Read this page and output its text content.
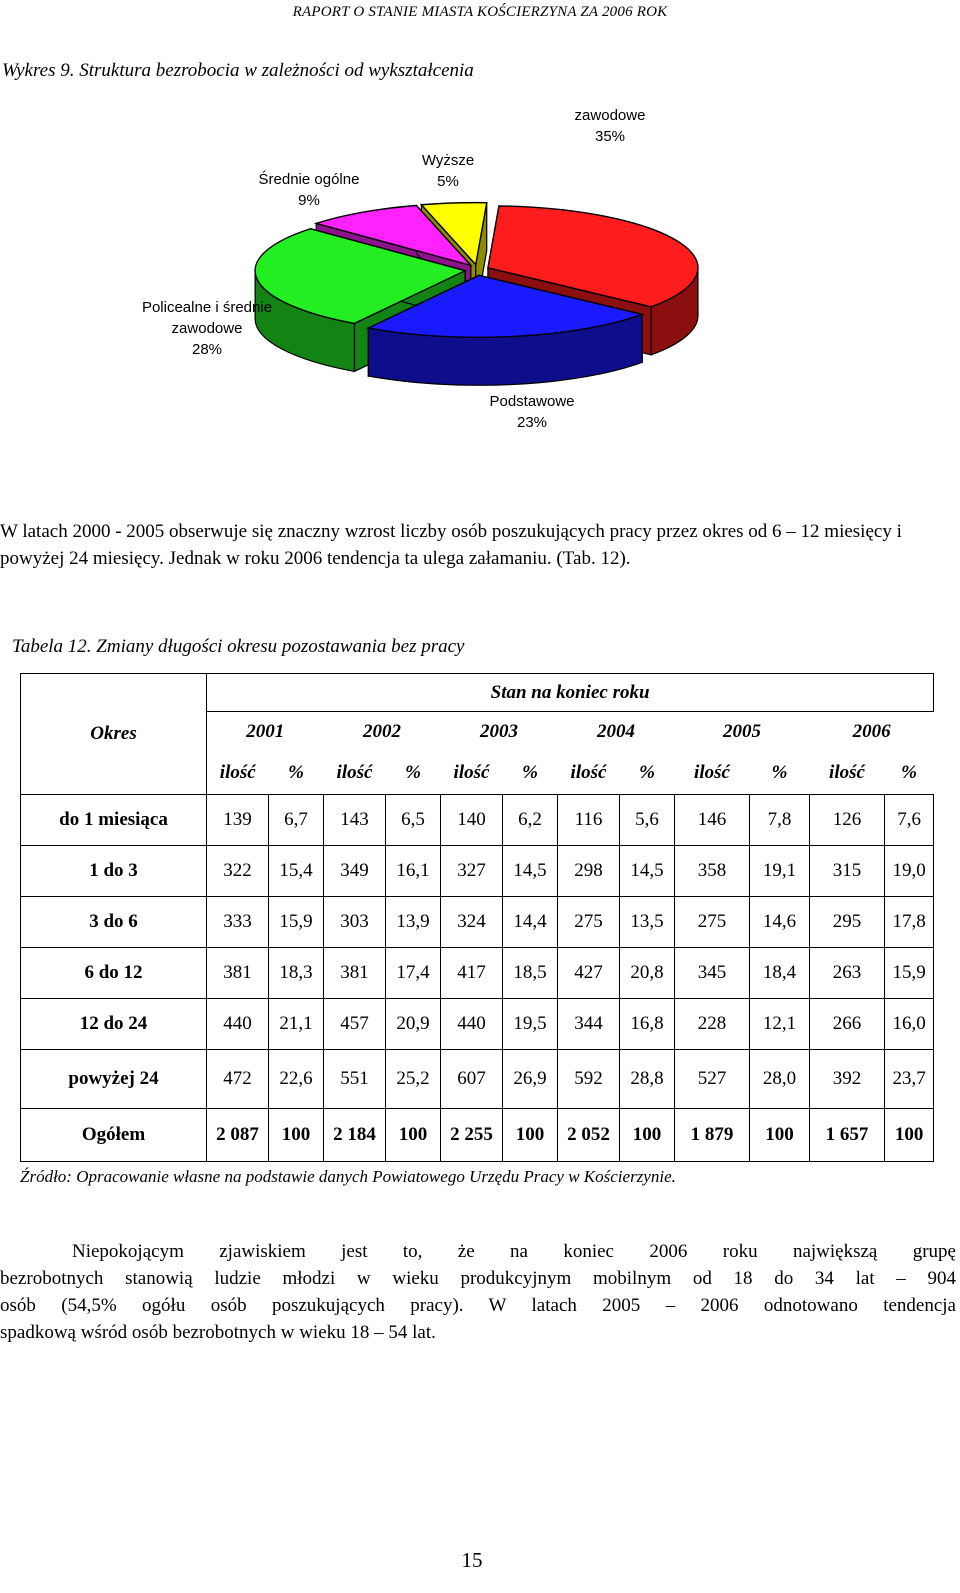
RAPORT O STANIE MIASTA KOŚCIERZYNA ZA 2006 ROK
Wykres 9. Struktura bezrobocia w zależności od wykształcenia
zawodowe 35%
Podstawowe 23%
Policealne i średnie zawodowe 28%
Średnie ogólne 9%
Wyższe 5%
W latach 2000 - 2005 obserwuje się znaczny wzrost liczby osób poszukujących pracy przez okres od 6 – 12 miesięcy i powyżej 24 miesięcy. Jednak w roku 2006 tendencja ta ulega załamaniu. (Tab. 12).
Tabela 12. Zmiany długości okresu pozostawania bez pracy
Okres	Stan na koniec roku											
	2001		2002		2003		2004		2005		2006	
	ilość	%	ilość	%	ilość	%	ilość	%	ilość	%	ilość	%
do 1 miesiąca	139	6,7	143	6,5	140	6,2	116	5,6	146	7,8	126	7,6
1 do 3	322	15,4	349	16,1	327	14,5	298	14,5	358	19,1	315	19,0
3 do 6	333	15,9	303	13,9	324	14,4	275	13,5	275	14,6	295	17,8
6 do 12	381	18,3	381	17,4	417	18,5	427	20,8	345	18,4	263	15,9
12 do 24	440	21,1	457	20,9	440	19,5	344	16,8	228	12,1	266	16,0
powyżej 24	472	22,6	551	25,2	607	26,9	592	28,8	527	28,0	392	23,7
Ogółem	2 087	100	2 184	100	2 255	100	2 052	100	1 879	100	1 657	100
Źródło: Opracowanie własne na podstawie danych Powiatowego Urzędu Pracy w Kościerzynie.
Niepokojącym zjawiskiem jest to, że na koniec 2006 roku największą grupę
bezrobotnych stanowią ludzie młodzi w wieku produkcyjnym mobilnym od 18 do 34 lat – 904
osób (54,5% ogółu osób poszukujących pracy). W latach 2005 – 2006 odnotowano tendencja
spadkową wśród osób bezrobotnych w wieku 18 – 54 lat.
15
